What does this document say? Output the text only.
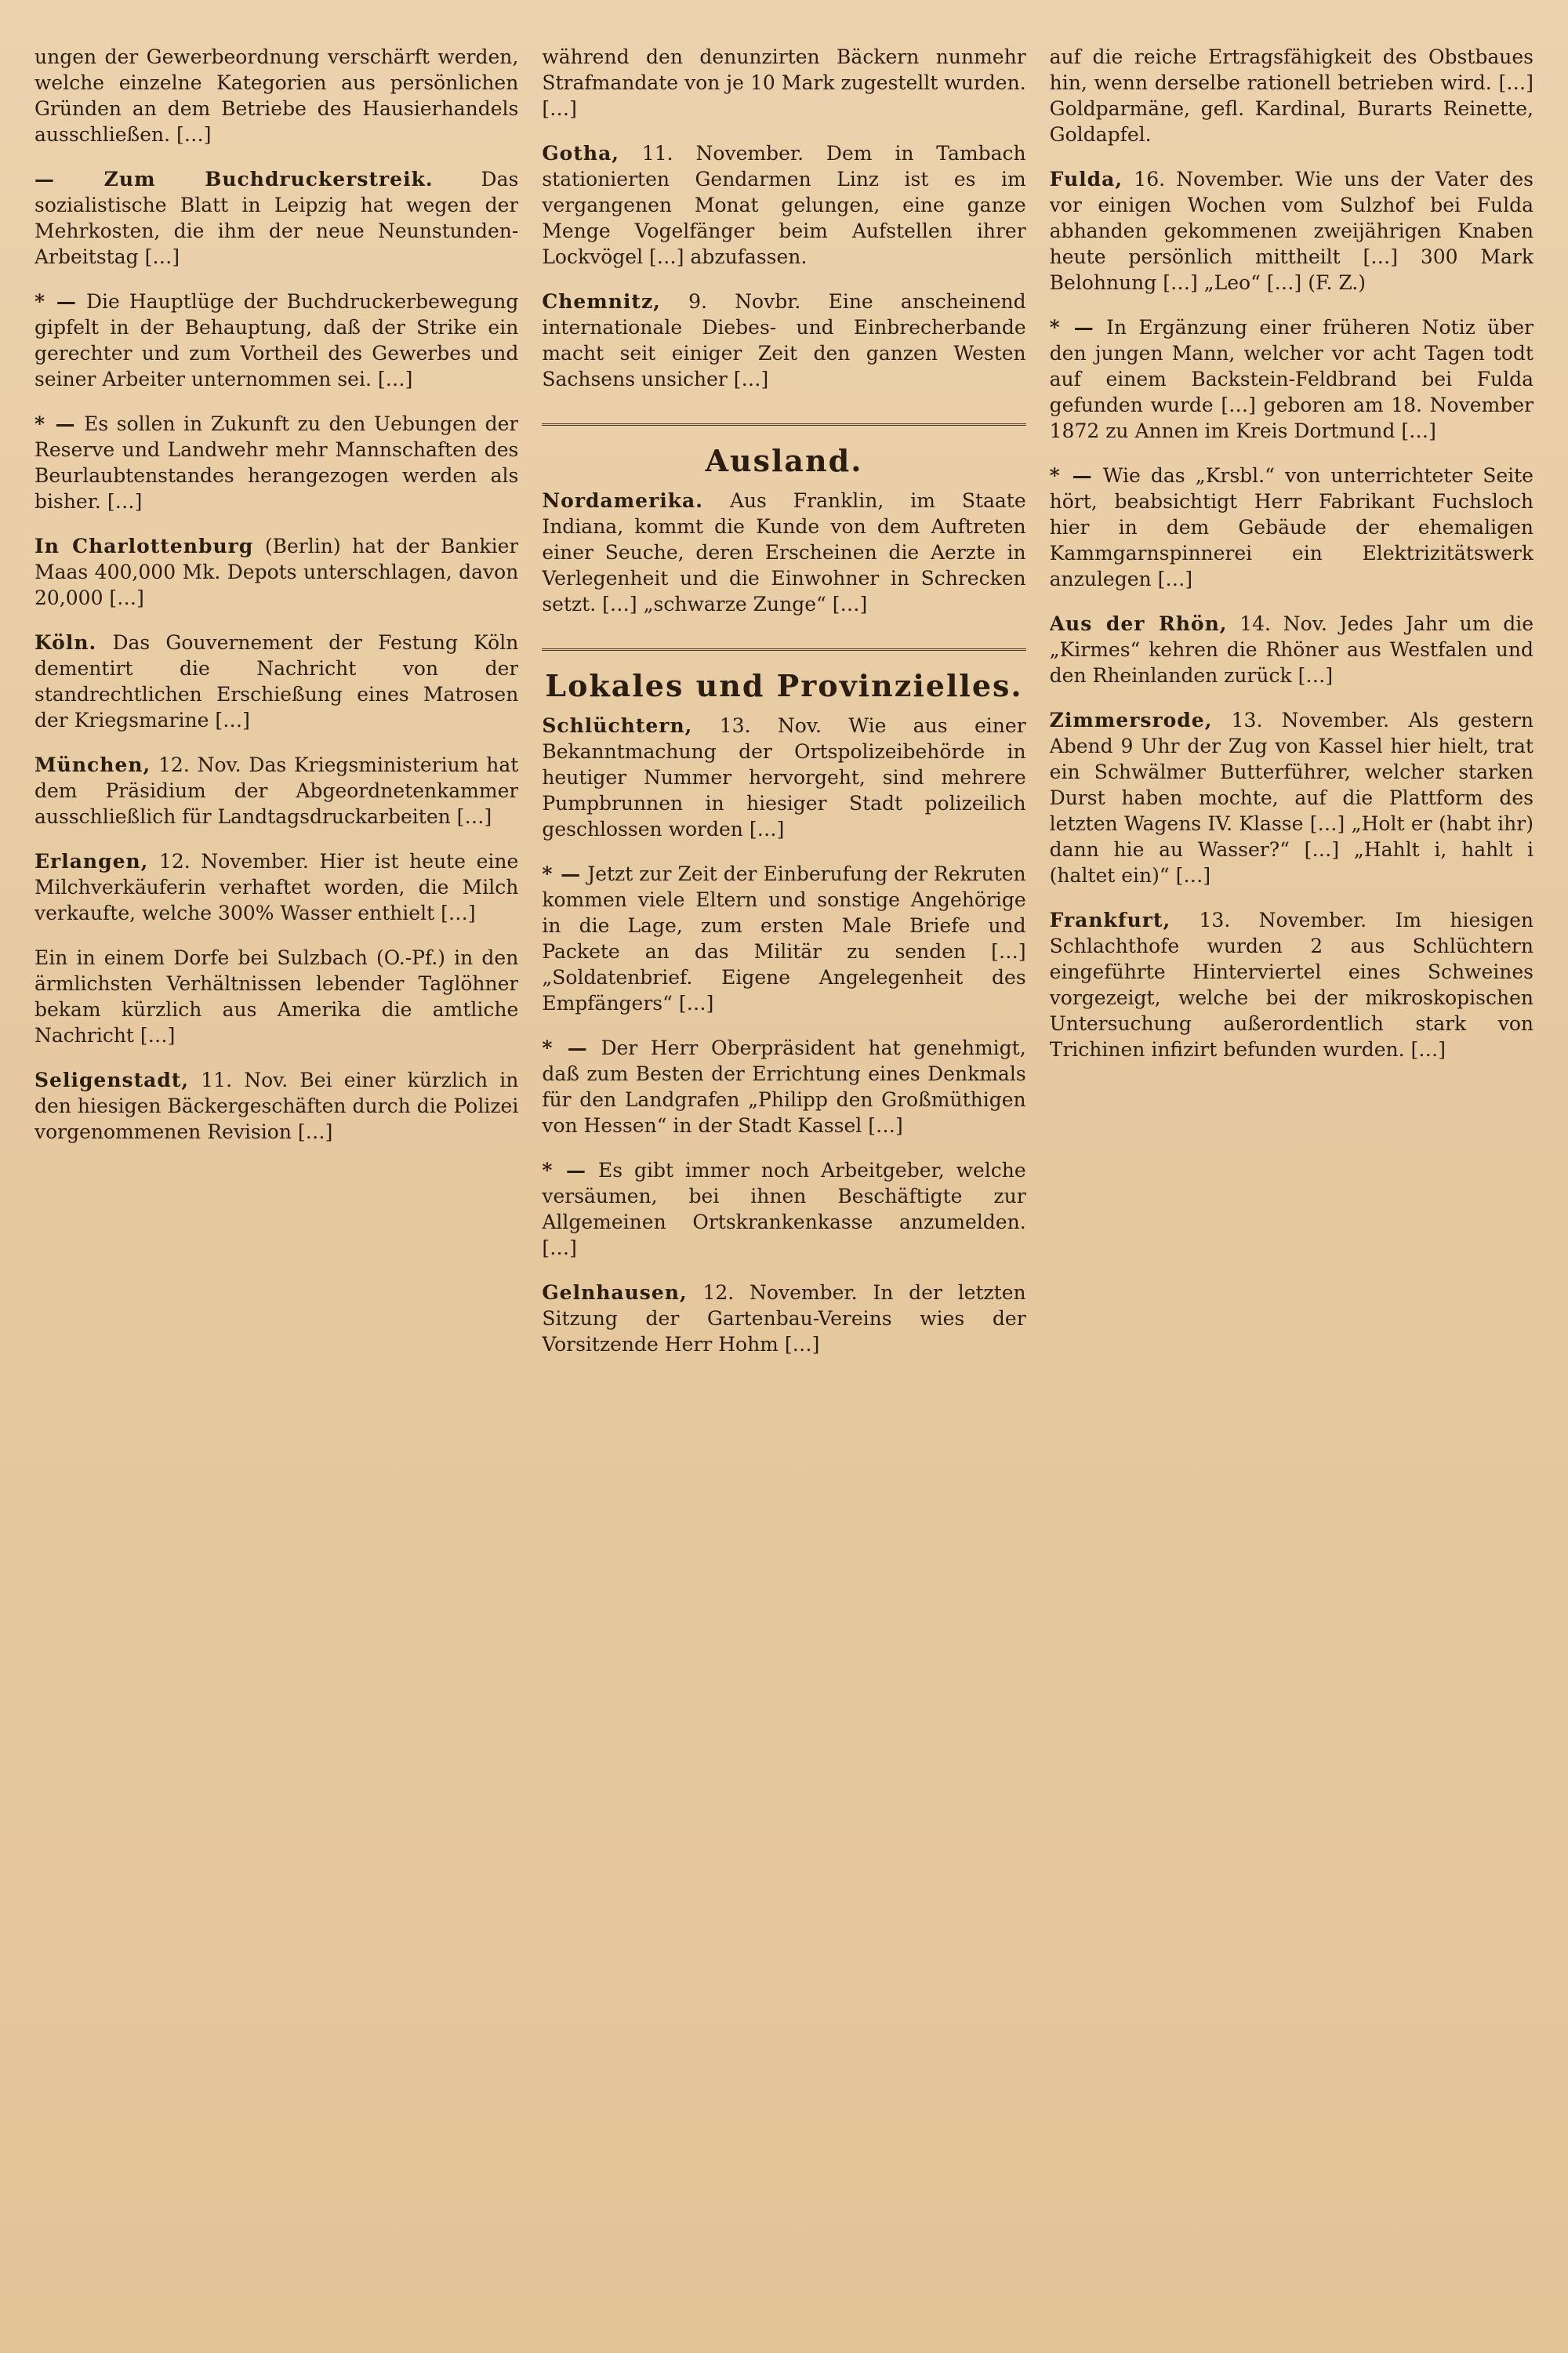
ungen der Gewerbeordnung verschärft werden, welche einzelne Kategorien aus persönlichen Gründen an dem Betriebe des Hausierhandels ausschließen. […]

— Zum Buchdruckerstreik. Das sozialistische Blatt in Leipzig hat wegen der Mehrkosten, die ihm der neue Neunstunden-Arbeitstag […]

* — Die Hauptlüge der Buchdruckerbewegung gipfelt in der Behauptung, daß der Strike ein gerechter und zum Vortheil des Gewerbes und seiner Arbeiter unternommen sei. […]

* — Es sollen in Zukunft zu den Uebungen der Reserve und Landwehr mehr Mannschaften des Beurlaubtenstandes herangezogen werden als bisher. […]

In Charlottenburg (Berlin) hat der Bankier Maas 400,000 Mk. Depots unterschlagen, davon 20,000 […]

Köln. Das Gouvernement der Festung Köln dementirt die Nachricht von der standrechtlichen Erschießung eines Matrosen der Kriegsmarine […]

München, 12. Nov. Das Kriegsministerium hat dem Präsidium der Abgeordnetenkammer ausschließlich für Landtagsdruckarbeiten […]

Erlangen, 12. November. Hier ist heute eine Milchverkäuferin verhaftet worden, die Milch verkaufte, welche 300% Wasser enthielt […]

Ein in einem Dorfe bei Sulzbach (O.-Pf.) in den ärmlichsten Verhältnissen lebender Taglöhner bekam kürzlich aus Amerika die amtliche Nachricht […]

Seligenstadt, 11. Nov. Bei einer kürzlich in den hiesigen Bäckergeschäften durch die Polizei vorgenommenen Revision […]

während den denunzirten Bäckern nunmehr Strafmandate von je 10 Mark zugestellt wurden. […]

Gotha, 11. November. Dem in Tambach stationierten Gendarmen Linz ist es im vergangenen Monat gelungen, eine ganze Menge Vogelfänger beim Aufstellen ihrer Lockvögel […] abzufassen.

Chemnitz, 9. Novbr. Eine anscheinend internationale Diebes- und Einbrecherbande macht seit einiger Zeit den ganzen Westen Sachsens unsicher […]

Ausland.

Nordamerika. Aus Franklin, im Staate Indiana, kommt die Kunde von dem Auftreten einer Seuche, deren Erscheinen die Aerzte in Verlegenheit und die Einwohner in Schrecken setzt. […] „schwarze Zunge“ […]

Lokales und Provinzielles.

Schlüchtern, 13. Nov. Wie aus einer Bekanntmachung der Ortspolizeibehörde in heutiger Nummer hervorgeht, sind mehrere Pumpbrunnen in hiesiger Stadt polizeilich geschlossen worden […]

* — Jetzt zur Zeit der Einberufung der Rekruten kommen viele Eltern und sonstige Angehörige in die Lage, zum ersten Male Briefe und Packete an das Militär zu senden […] „Soldatenbrief. Eigene Angelegenheit des Empfängers“ […]

* — Der Herr Oberpräsident hat genehmigt, daß zum Besten der Errichtung eines Denkmals für den Landgrafen „Philipp den Großmüthigen von Hessen“ in der Stadt Kassel […]

* — Es gibt immer noch Arbeitgeber, welche versäumen, bei ihnen Beschäftigte zur Allgemeinen Ortskrankenkasse anzumelden. […]

Gelnhausen, 12. November. In der letzten Sitzung der Gartenbau-Vereins wies der Vorsitzende Herr Hohm […]

auf die reiche Ertragsfähigkeit des Obstbaues hin, wenn derselbe rationell betrieben wird. […] Goldparmäne, gefl. Kardinal, Burarts Reinette, Goldapfel.

Fulda, 16. November. Wie uns der Vater des vor einigen Wochen vom Sulzhof bei Fulda abhanden gekommenen zweijährigen Knaben heute persönlich mittheilt […] 300 Mark Belohnung […] „Leo“ […] (F. Z.)

* — In Ergänzung einer früheren Notiz über den jungen Mann, welcher vor acht Tagen todt auf einem Backstein-Feldbrand bei Fulda gefunden wurde […] geboren am 18. November 1872 zu Annen im Kreis Dortmund […]

* — Wie das „Krsbl.“ von unterrichteter Seite hört, beabsichtigt Herr Fabrikant Fuchsloch hier in dem Gebäude der ehemaligen Kammgarnspinnerei ein Elektrizitätswerk anzulegen […]

Aus der Rhön, 14. Nov. Jedes Jahr um die „Kirmes“ kehren die Rhöner aus Westfalen und den Rheinlanden zurück […]

Zimmersrode, 13. November. Als gestern Abend 9 Uhr der Zug von Kassel hier hielt, trat ein Schwälmer Butterführer, welcher starken Durst haben mochte, auf die Plattform des letzten Wagens IV. Klasse […] „Holt er (habt ihr) dann hie au Wasser?“ […] „Hahlt i, hahlt i (haltet ein)“ […]

Frankfurt, 13. November. Im hiesigen Schlachthofe wurden 2 aus Schlüchtern eingeführte Hinterviertel eines Schweines vorgezeigt, welche bei der mikroskopischen Untersuchung außerordentlich stark von Trichinen infizirt befunden wurden. […]
